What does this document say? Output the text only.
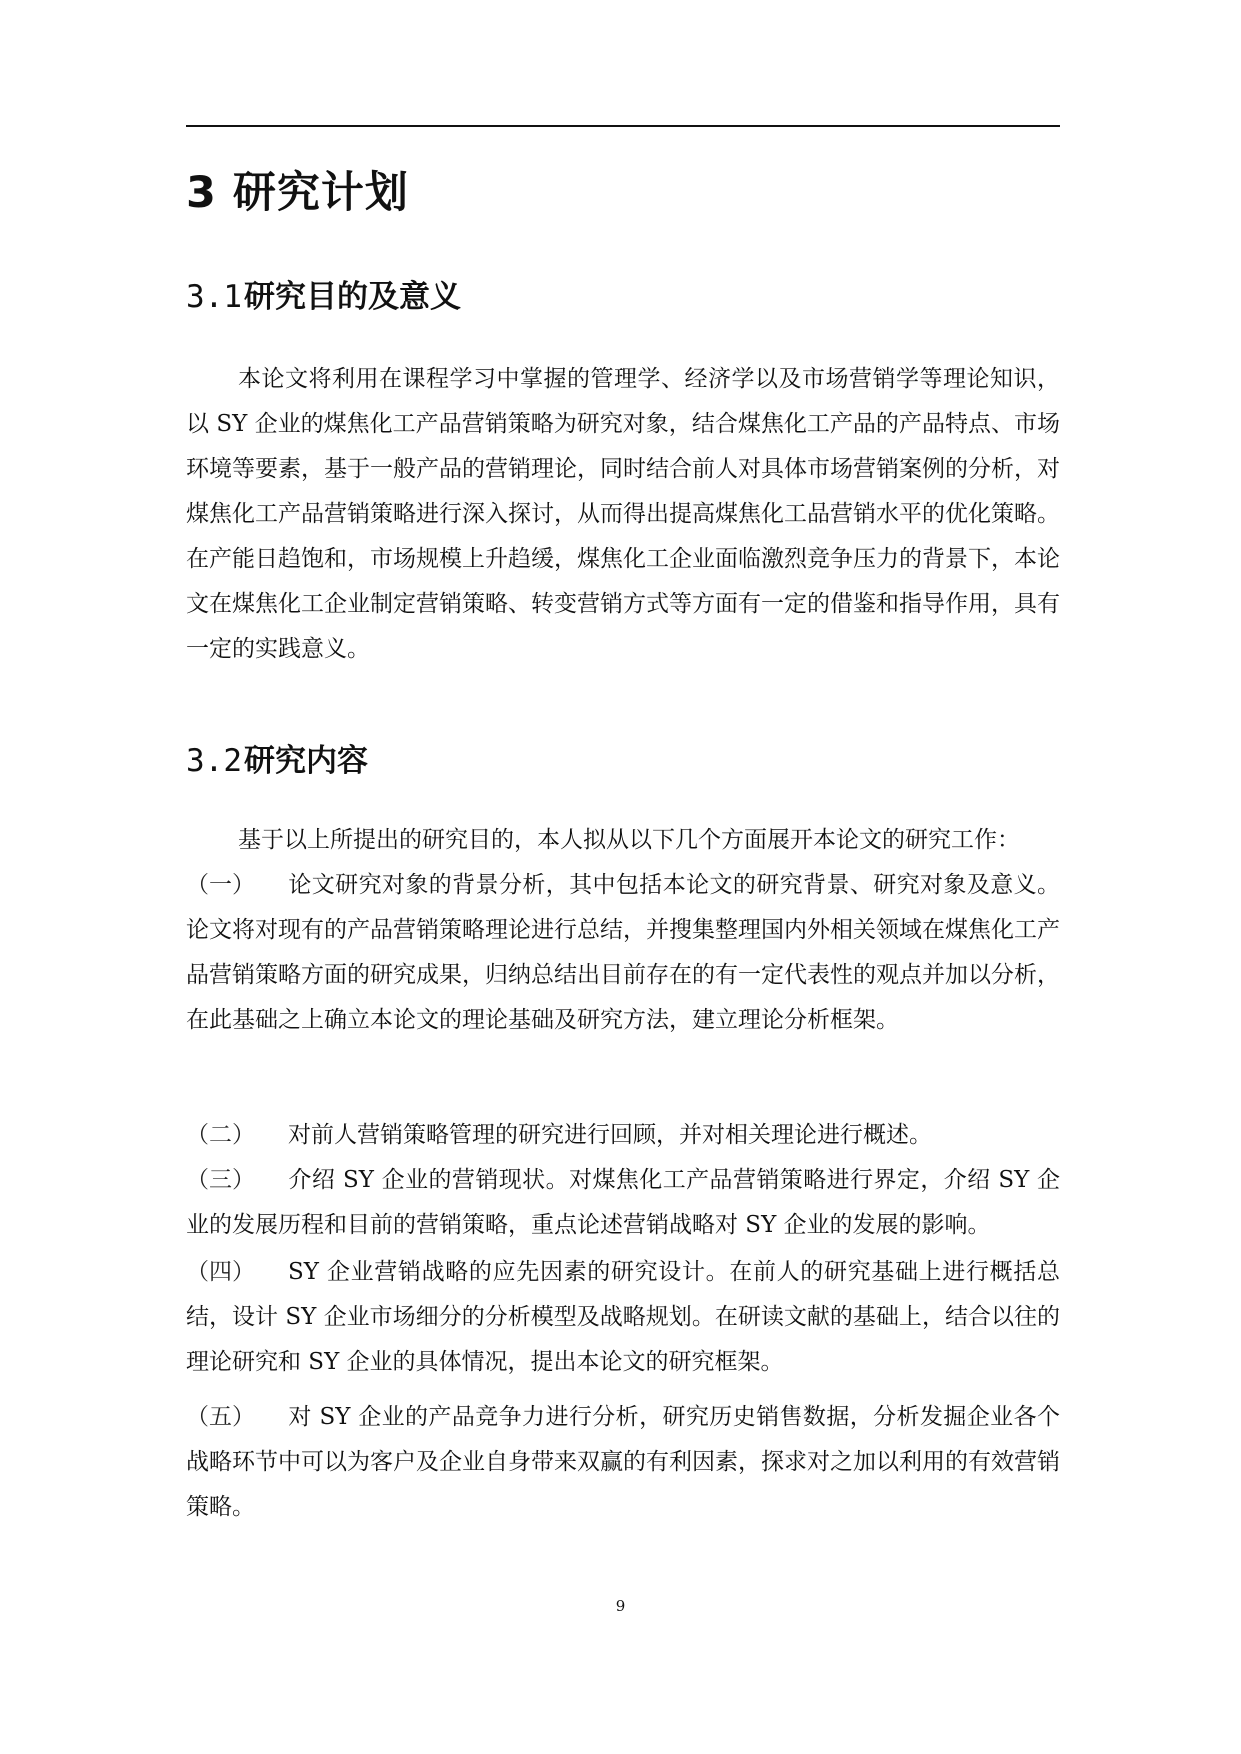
3 研究计划
3.1研究目的及意义

本论文将利用在课程学习中掌握的管理学、经济学以及市场营销学等理论知识，以 SY 企业的煤焦化工产品营销策略为研究对象，结合煤焦化工产品的产品特点、市场环境等要素，基于一般产品的营销理论，同时结合前人对具体市场营销案例的分析，对煤焦化工产品营销策略进行深入探讨，从而得出提高煤焦化工品营销水平的优化策略。在产能日趋饱和，市场规模上升趋缓，煤焦化工企业面临激烈竞争压力的背景下，本论文在煤焦化工企业制定营销策略、转变营销方式等方面有一定的借鉴和指导作用，具有一定的实践意义。

3.2研究内容

基于以上所提出的研究目的，本人拟从以下几个方面展开本论文的研究工作：

（一） 论文研究对象的背景分析，其中包括本论文的研究背景、研究对象及意义。论文将对现有的产品营销策略理论进行总结，并搜集整理国内外相关领域在煤焦化工产品营销策略方面的研究成果，归纳总结出目前存在的有一定代表性的观点并加以分析，在此基础之上确立本论文的理论基础及研究方法，建立理论分析框架。

（二） 对前人营销策略管理的研究进行回顾，并对相关理论进行概述。

（三） 介绍 SY 企业的营销现状。对煤焦化工产品营销策略进行界定，介绍 SY 企业的发展历程和目前的营销策略，重点论述营销战略对 SY 企业的发展的影响。

（四） SY 企业营销战略的应先因素的研究设计。在前人的研究基础上进行概括总结，设计 SY 企业市场细分的分析模型及战略规划。在研读文献的基础上，结合以往的理论研究和 SY 企业的具体情况，提出本论文的研究框架。

（五） 对 SY 企业的产品竞争力进行分析，研究历史销售数据，分析发掘企业各个战略环节中可以为客户及企业自身带来双赢的有利因素，探求对之加以利用的有效营销策略。

9
